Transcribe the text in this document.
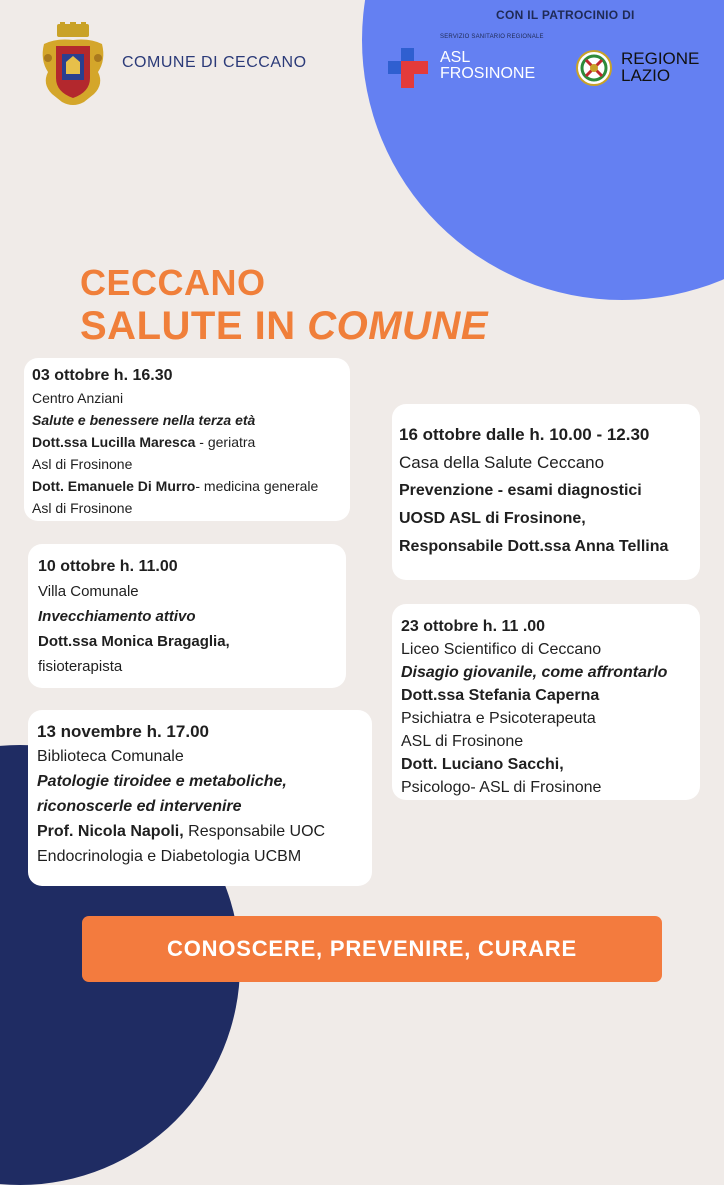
COMUNE DI CECCANO
CON IL PATROCINIO DI
SERVIZIO SANITARIO REGIONALE
ASL
FROSINONE
REGIONE
LAZIO
CECCANO
SALUTE IN COMUNE
03 ottobre h. 16.30
Centro Anziani
Salute e benessere nella terza età
Dott.ssa Lucilla Maresca - geriatra
Asl di Frosinone
Dott. Emanuele Di Murro- medicina generale
Asl di Frosinone
10 ottobre h. 11.00
Villa Comunale
Invecchiamento attivo
Dott.ssa Monica Bragaglia,
fisioterapista
13 novembre h. 17.00
Biblioteca Comunale
Patologie tiroidee e metaboliche,
riconoscerle ed intervenire
Prof. Nicola Napoli, Responsabile UOC
Endocrinologia e Diabetologia UCBM
16 ottobre dalle h. 10.00 - 12.30
Casa della Salute Ceccano
Prevenzione - esami diagnostici
UOSD ASL di Frosinone,
Responsabile Dott.ssa Anna Tellina
23 ottobre h. 11 .00
Liceo Scientifico di Ceccano
Disagio giovanile, come affrontarlo
Dott.ssa Stefania Caperna
Psichiatra e Psicoterapeuta
ASL di Frosinone
Dott. Luciano Sacchi,
Psicologo- ASL di Frosinone
CONOSCERE, PREVENIRE, CURARE
